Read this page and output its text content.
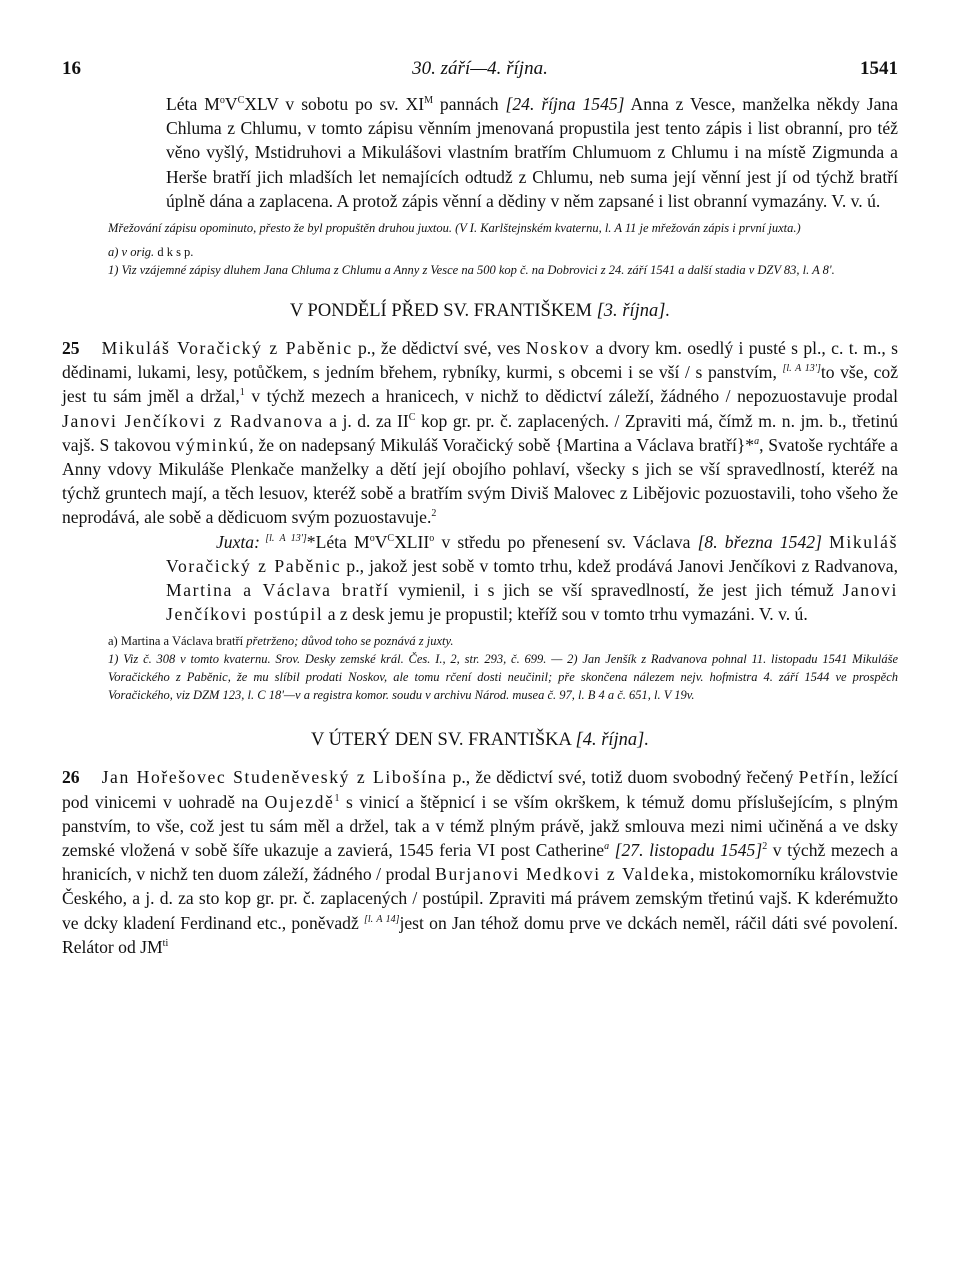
16	30. září—4. října.	1541

Léta $M^oV^CXLV$ v sobotu po sv. $XI^M$ pannách [24. října 1545] Anna z Vesce, manželka někdy Jana Chluma z Chlumu, v tomto zápisu věnním jmenovaná propustila jest tento zápis i list obranní, pro též věno vyšlý, Mstidruhovi a Mikulášovi vlastním bratřím Chlumuom z Chlumu i na místě Zigmunda a Herše bratří jich mladších let nemajících odtudž z Chlumu, neb suma její věnní jest jí od týchž bratří úplně dána a zaplacena. A protož zápis věnní a dědiny v něm zapsané i list obranní vymazány. V. v. ú.

Mřežování zápisu opominuto, přesto že byl propuštěn druhou juxtou. (V I. Karlštejnském kvaternu, l. A 11 je mřežován zápis i první juxta.)

a) v orig. d k s p.

1) Viz vzájemné zápisy dluhem Jana Chluma z Chlumu a Anny z Vesce na 500 kop č. na Dobrovici z 24. září 1541 a další stadia v DZV 83, l. A 8'.

V PONDĚLÍ PŘED SV. FRANTIŠKEM [3. října].

25 Mikuláš Voračický z Paběnic p., že dědictví své, ves Noskov a dvory km. osedlý i pusté s pl., c. t. m., s dědinami, lukami, lesy, potůčkem, s jedním břehem, rybníky, kurmi, s obcemi i se vší / s panstvím, [l. A 13']to vše, což jest tu sám jměl a držal,$^1$ v týchž mezech a hranicech, v nichž to dědictví záleží, žádného / nepozuostavuje prodal Janovi Jenčíkovi z Radvanova a j. d. za $II^C$ kop gr. pr. č. zaplacených. / Zpraviti má, čímž m. n. jm. b., třetinú vajš. S takovou výminkú, že on nadepsaný Mikuláš Voračický sobě {Martina a Václava bratří}*$^a$, Svatoše rychtáře a Anny vdovy Mikuláše Plenkače manželky a dětí její obojího pohlaví, všecky s jich se vší spravedlností, kteréž na týchž gruntech mají, a těch lesuov, kteréž sobě a bratřím svým Diviš Malovec z Libějovic pozuostavili, toho všeho že neprodává, ale sobě a dědicuom svým pozuostavuje.$^2$

Juxta: [l. A 13']*Léta $M^oV^CXLII^o$ v středu po přenesení sv. Václava [8. března 1542] Mikuláš Voračický z Paběnic p., jakož jest sobě v tomto trhu, kdež prodává Janovi Jenčíkovi z Radvanova, Martina a Václava bratří vymienil, i s jich se vší spravedlností, že jest jich témuž Janovi Jenčíkovi postúpil a z desk jemu je propustil; kteříž sou v tomto trhu vymazáni. V. v. ú.

a) Martina a Václava bratří přetrženo; důvod toho se poznává z juxty.

1) Viz č. 308 v tomto kvaternu. Srov. Desky zemské král. Čes. I., 2, str. 293, č. 699. — 2) Jan Jenšík z Radvanova pohnal 11. listopadu 1541 Mikuláše Voračického z Paběnic, že mu slíbil prodati Noskov, ale tomu rčení dosti neučinil; pře skončena nálezem nejv. hofmistra 4. září 1544 ve prospěch Voračického, viz DZM 123, l. C 18'—v a registra komor. soudu v archivu Národ. musea č. 97, l. B 4 a č. 651, l. V 19v.

V ÚTERÝ DEN SV. FRANTIŠKA [4. října].

26 Jan Hořešovec Studeněveský z Libošína p., že dědictví své, totiž duom svobodný řečený Petřín, ležící pod vinicemi v uohradě na Oujezdě$^1$ s vinicí a štěpnicí i se vším okrškem, k témuž domu příslušejícím, s plným panstvím, to vše, což jest tu sám měl a držel, tak a v témž plným právě, jakž smlouva mezi nimi učiněná a ve dsky zemské vložená v sobě šíře ukazuje a zavierá, 1545 feria VI post Catherine$^a$ [27. listopadu 1545]$^2$ v týchž mezech a hranicích, v nichž ten duom záleží, žádného / prodal Burjanovi Medkovi z Valdeka, mistokomorníku královstvie Českého, a j. d. za sto kop gr. pr. č. zaplacených / postúpil. Zpraviti má právem zemským třetinú vajš. K kderémužto ve dcky kladení Ferdinand etc., poněvadž [l. A 14]jest on Jan téhož domu prve ve dckách neměl, ráčil dáti své povolení. Relátor od $JM^{ti}$
